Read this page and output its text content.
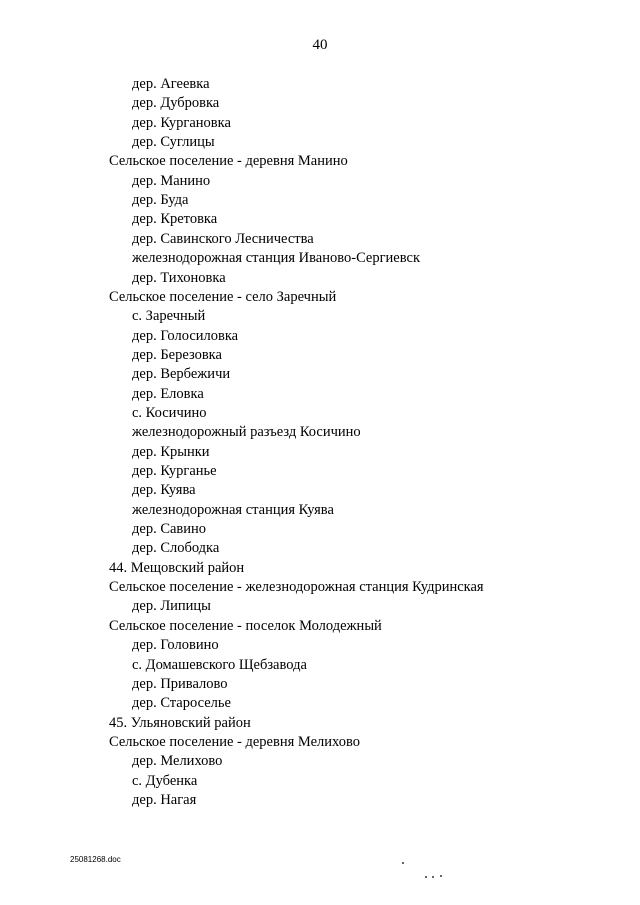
40
дер. Агеевка
дер. Дубровка
дер. Кургановка
дер. Суглицы
Сельское поселение - деревня Манино
дер. Манино
дер. Буда
дер. Кретовка
дер. Савинского Лесничества
железнодорожная станция Иваново-Сергиевск
дер. Тихоновка
Сельское поселение - село Заречный
с. Заречный
дер. Голосиловка
дер. Березовка
дер. Вербежичи
дер. Еловка
с. Косичино
железнодорожный разъезд Косичино
дер. Крынки
дер. Курганье
дер. Куява
железнодорожная станция Куява
дер. Савино
дер. Слободка
44. Мещовский район
Сельское поселение - железнодорожная станция Кудринская
дер. Липицы
Сельское поселение - поселок Молодежный
дер. Головино
с. Домашевского Щебзавода
дер. Привалово
дер. Староселье
45. Ульяновский район
Сельское поселение - деревня Мелихово
дер. Мелихово
с. Дубенка
дер. Нагая
25081268.doc
